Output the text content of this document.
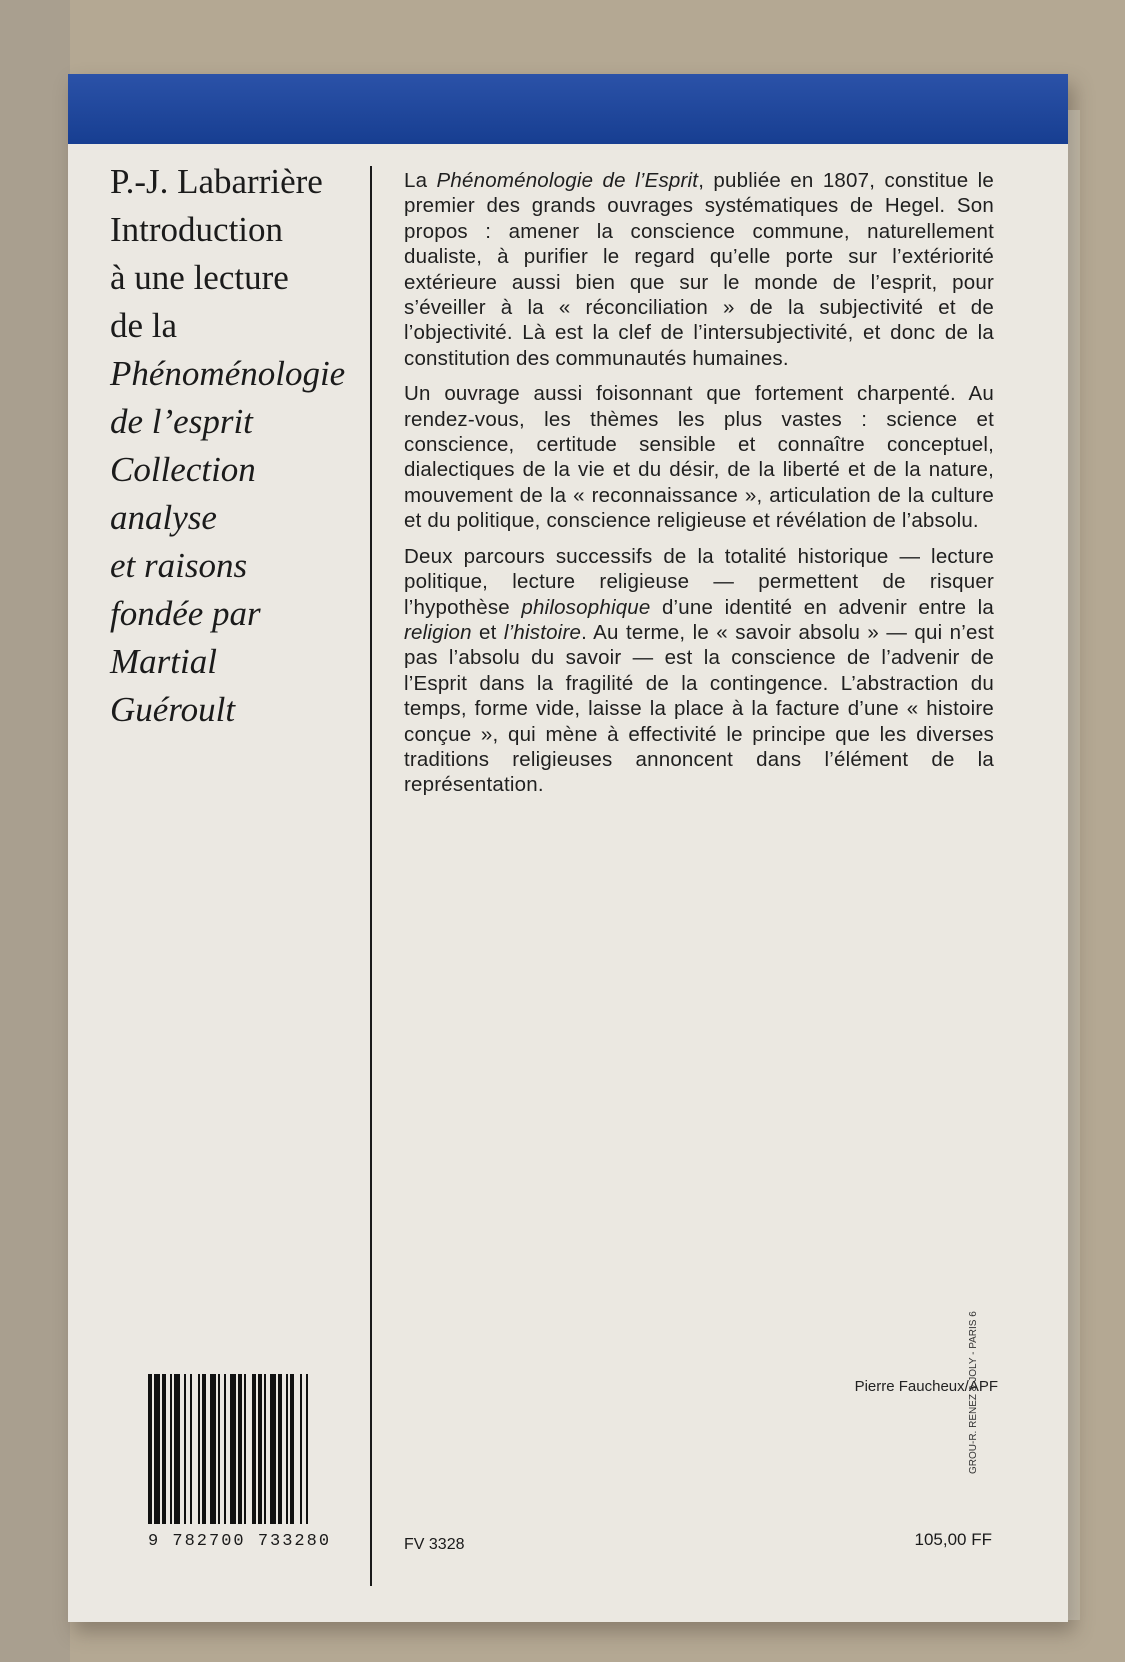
P.-J. Labarrière
Introduction
à une lecture
de la
Phénoménologie
de l’esprit
Collection
analyse
et raisons
fondée par
Martial
Guéroult

La Phénoménologie de l’Esprit, publiée en 1807, constitue le premier des grands ouvrages systématiques de Hegel. Son propos : amener la conscience commune, naturellement dualiste, à purifier le regard qu’elle porte sur l’extériorité extérieure aussi bien que sur le monde de l’esprit, pour s’éveiller à la « réconciliation » de la subjectivité et de l’objectivité. Là est la clef de l’intersubjectivité, et donc de la constitution des communautés humaines.

Un ouvrage aussi foisonnant que fortement charpenté. Au rendez-vous, les thèmes les plus vastes : science et conscience, certitude sensible et connaître conceptuel, dialectiques de la vie et du désir, de la liberté et de la nature, mouvement de la « reconnaissance », articulation de la culture et du politique, conscience religieuse et révélation de l’absolu.

Deux parcours successifs de la totalité historique — lecture politique, lecture religieuse — permettent de risquer l’hypothèse philosophique d’une identité en advenir entre la religion et l’histoire. Au terme, le « savoir absolu » — qui n’est pas l’absolu du savoir — est la conscience de l’advenir de l’Esprit dans la fragilité de la contingence. L’abstraction du temps, forme vide, laisse la place à la facture d’une « histoire conçue », qui mène à effectivité le principe que les diverses traditions religieuses annoncent dans l’élément de la représentation.

Pierre Faucheux/APF
9 782700 733280	FV 3328	105,00 FF
GROU-R. RENEZ & JOLY - PARIS 6
